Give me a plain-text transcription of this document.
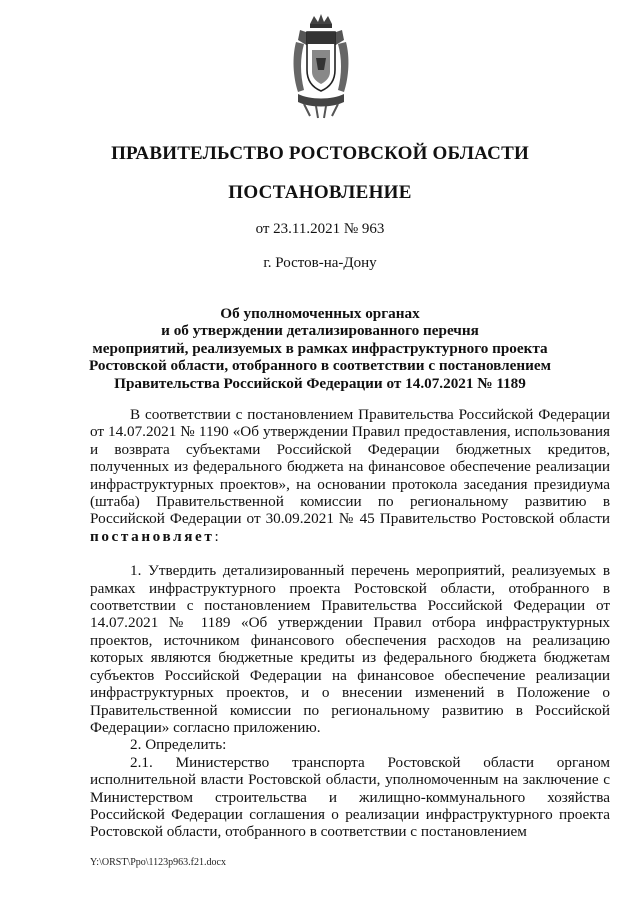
ПРАВИТЕЛЬСТВО РОСТОВСКОЙ ОБЛАСТИ
ПОСТАНОВЛЕНИЕ
от 23.11.2021 № 963
г. Ростов-на-Дону
Об уполномоченных органах
и об утверждении детализированного перечня
мероприятий, реализуемых в рамках инфраструктурного проекта
Ростовской области, отобранного в соответствии с постановлением
Правительства Российской Федерации от 14.07.2021 № 1189

В соответствии с постановлением Правительства Российской Федерации от 14.07.2021 № 1190 «Об утверждении Правил предоставления, использования и возврата субъектами Российской Федерации бюджетных кредитов, полученных из федерального бюджета на финансовое обеспечение реализации инфраструктурных проектов», на основании протокола заседания президиума (штаба) Правительственной комиссии по региональному развитию в Российской Федерации от 30.09.2021 № 45 Правительство Ростовской области постановляет:

1. Утвердить детализированный перечень мероприятий, реализуемых в рамках инфраструктурного проекта Ростовской области, отобранного в соответствии с постановлением Правительства Российской Федерации от 14.07.2021 № 1189 «Об утверждении Правил отбора инфраструктурных проектов, источником финансового обеспечения расходов на реализацию которых являются бюджетные кредиты из федерального бюджета бюджетам субъектов Российской Федерации на финансовое обеспечение реализации инфраструктурных проектов, и о внесении изменений в Положение о Правительственной комиссии по региональному развитию в Российской Федерации» согласно приложению.

2. Определить:

2.1. Министерство транспорта Ростовской области органом исполнительной власти Ростовской области, уполномоченным на заключение с Министерством строительства и жилищно-коммунального хозяйства Российской Федерации соглашения о реализации инфраструктурного проекта Ростовской области, отобранного в соответствии с постановлением

Y:\ORST\Ppo\1123p963.f21.docx
